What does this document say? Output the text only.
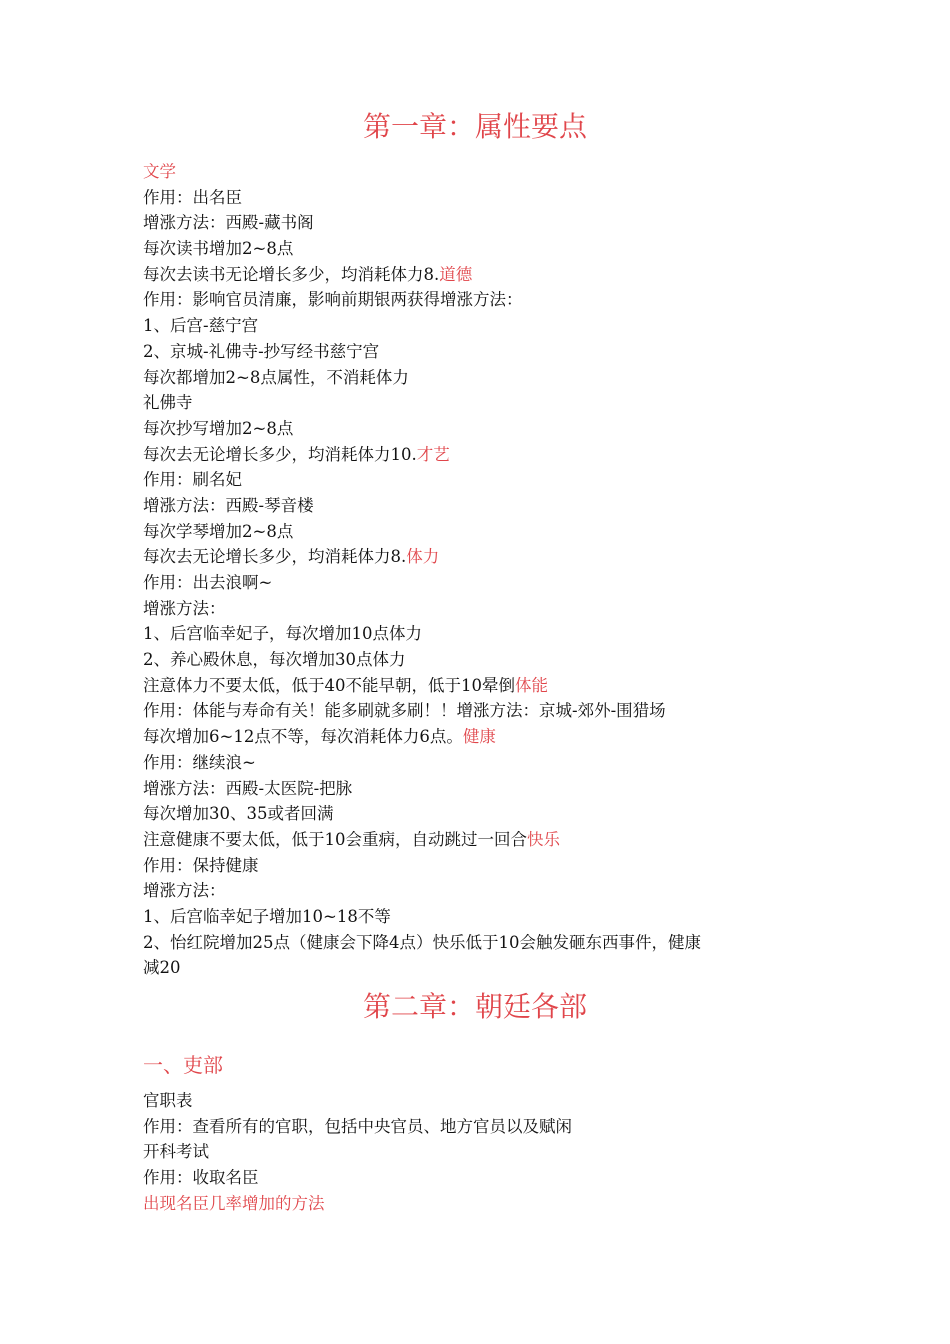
第一章：属性要点
文学
作用：出名臣
增涨方法：西殿-藏书阁
每次读书增加2~8点
每次去读书无论增长多少，均消耗体力8.道德
作用：影响官员清廉，影响前期银两获得增涨方法：
1、后宫-慈宁宫
2、京城-礼佛寺-抄写经书慈宁宫
每次都增加2~8点属性，不消耗体力
礼佛寺
每次抄写增加2~8点
每次去无论增长多少，均消耗体力10.才艺
作用：刷名妃
增涨方法：西殿-琴音楼
每次学琴增加2~8点
每次去无论增长多少，均消耗体力8.体力
作用：出去浪啊~
增涨方法：
1、后宫临幸妃子，每次增加10点体力
2、养心殿休息，每次增加30点体力
注意体力不要太低，低于40不能早朝，低于10晕倒体能
作用：体能与寿命有关！能多刷就多刷！！增涨方法：京城-郊外-围猎场
每次增加6~12点不等，每次消耗体力6点。健康
作用：继续浪~
增涨方法：西殿-太医院-把脉
每次增加30、35或者回满
注意健康不要太低，低于10会重病，自动跳过一回合快乐
作用：保持健康
增涨方法：
1、后宫临幸妃子增加10~18不等
2、怡红院增加25点（健康会下降4点）快乐低于10会触发砸东西事件，健康
减20
第二章：朝廷各部
一、吏部
官职表
作用：查看所有的官职，包括中央官员、地方官员以及赋闲
开科考试
作用：收取名臣
出现名臣几率增加的方法
